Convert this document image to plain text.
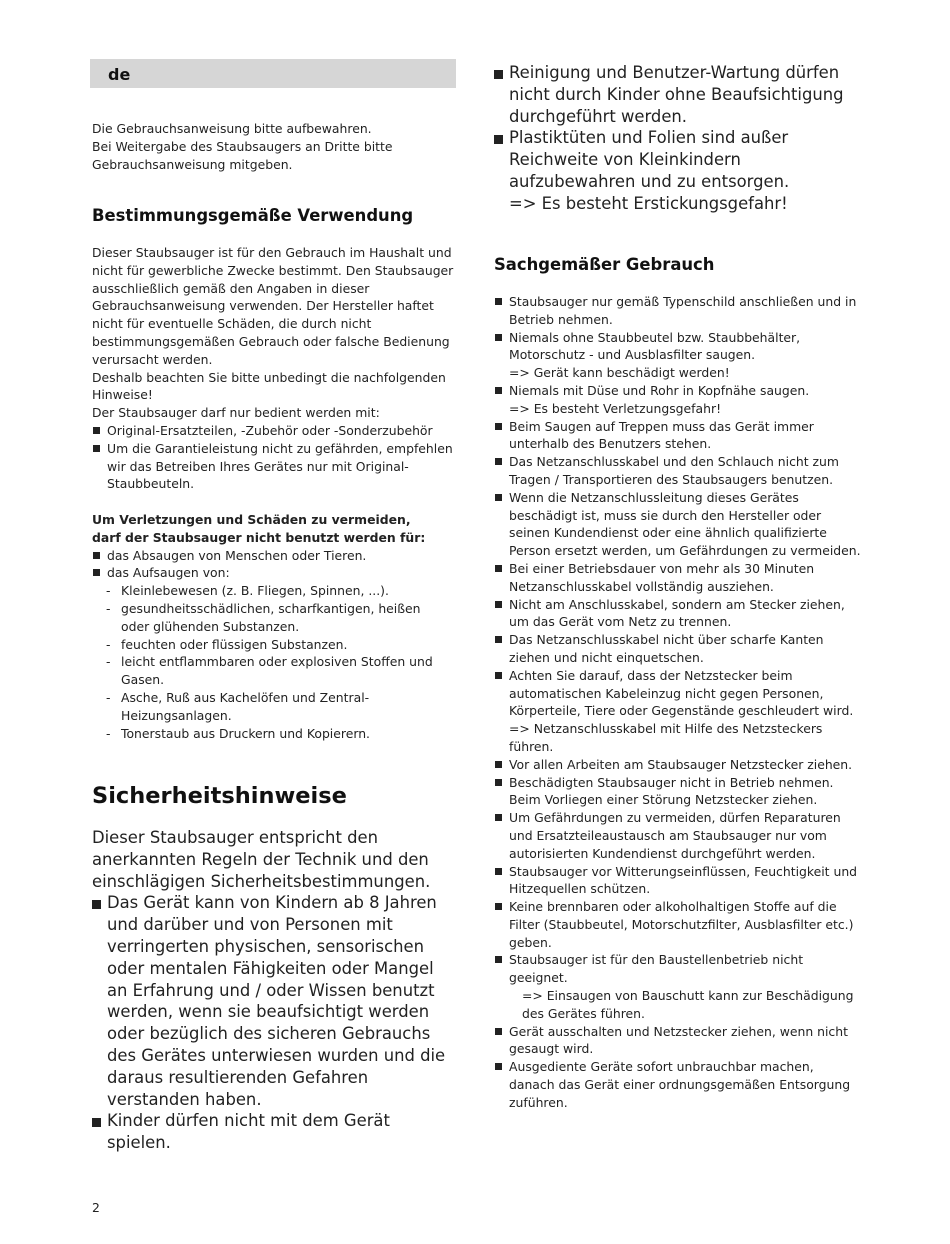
de

Die Gebrauchsanweisung bitte aufbewahren.

Bei Weitergabe des Staubsaugers an Dritte bitte Gebrauchsanweisung mitgeben.

Bestimmungsgemäße Verwendung

Dieser Staubsauger ist für den Gebrauch im Haushalt und nicht für gewerbliche Zwecke bestimmt. Den Staubsauger ausschließlich gemäß den Angaben in dieser Gebrauchsanweisung verwenden. Der Hersteller haftet nicht für eventuelle Schäden, die durch nicht bestimmungsgemäßen Gebrauch oder falsche Bedienung verursacht werden.

Deshalb beachten Sie bitte unbedingt die nachfolgenden Hinweise!

Der Staubsauger darf nur bedient werden mit:

Original-Ersatzteilen, -Zubehör oder -Sonderzubehör
Um die Garantieleistung nicht zu gefährden, empfehlen wir das Betreiben Ihres Gerätes nur mit Original-Staubbeuteln.

Um Verletzungen und Schäden zu vermeiden, darf der Staubsauger nicht benutzt werden für:

das Absaugen von Menschen oder Tieren.
das Aufsaugen von:
- Kleinlebewesen (z. B. Fliegen, Spinnen, ...).
- gesundheitsschädlichen, scharfkantigen, heißen oder glühenden Substanzen.
- feuchten oder flüssigen Substanzen.
- leicht entflammbaren oder explosiven Stoffen und Gasen.
- Asche, Ruß aus Kachelöfen und Zentral-Heizungsanlagen.
- Tonerstaub aus Druckern und Kopierern.
Sicherheitshinweise

Dieser Staubsauger entspricht den anerkannten Regeln der Technik und den einschlägigen Sicherheitsbestimmungen.

Das Gerät kann von Kindern ab 8 Jahren und darüber und von Personen mit verringerten physischen, sensorischen oder mentalen Fähigkeiten oder Mangel an Erfahrung und / oder Wissen benutzt werden, wenn sie beaufsichtigt werden oder bezüglich des sicheren Gebrauchs des Gerätes unterwiesen wurden und die daraus resultierenden Gefahren verstanden haben.
Kinder dürfen nicht mit dem Gerät spielen.
2
Reinigung und Benutzer-Wartung dürfen nicht durch Kinder ohne Beaufsichtigung durchgeführt werden.
Plastiktüten und Folien sind außer Reichweite von Kleinkindern aufzubewahren und zu entsorgen.
=> Es besteht Erstickungsgefahr!
Sachgemäßer Gebrauch
Staubsauger nur gemäß Typenschild anschließen und in Betrieb nehmen.
Niemals ohne Staubbeutel bzw. Staubbehälter, Motorschutz - und Ausblasfilter saugen.
=> Gerät kann beschädigt werden!
Niemals mit Düse und Rohr in Kopfnähe saugen.
=> Es besteht Verletzungsgefahr!
Beim Saugen auf Treppen muss das Gerät immer unterhalb des Benutzers stehen.
Das Netzanschlusskabel und den Schlauch nicht zum Tragen / Transportieren des Staubsaugers benutzen.
Wenn die Netzanschlussleitung dieses Gerätes beschädigt ist, muss sie durch den Hersteller oder seinen Kundendienst oder eine ähnlich qualifizierte Person ersetzt werden, um Gefährdungen zu vermeiden.
Bei einer Betriebsdauer von mehr als 30 Minuten Netzanschlusskabel vollständig ausziehen.
Nicht am Anschlusskabel, sondern am Stecker ziehen, um das Gerät vom Netz zu trennen.
Das Netzanschlusskabel nicht über scharfe Kanten ziehen und nicht einquetschen.
Achten Sie darauf, dass der Netzstecker beim automatischen Kabeleinzug nicht gegen Personen, Körperteile, Tiere oder Gegenstände geschleudert wird.
=> Netzanschlusskabel mit Hilfe des Netzsteckers führen.
Vor allen Arbeiten am Staubsauger Netzstecker ziehen.
Beschädigten Staubsauger nicht in Betrieb nehmen. Beim Vorliegen einer Störung Netzstecker ziehen.
Um Gefährdungen zu vermeiden, dürfen Reparaturen und Ersatzteileaustausch am Staubsauger nur vom autorisierten Kundendienst durchgeführt werden.
Staubsauger vor Witterungseinflüssen, Feuchtigkeit und Hitzequellen schützen.
Keine brennbaren oder alkoholhaltigen Stoffe auf die Filter (Staubbeutel, Motorschutzfilter, Ausblasfilter etc.) geben.
Staubsauger ist für den Baustellenbetrieb nicht geeignet.
=> Einsaugen von Bauschutt kann zur Beschädigung des Gerätes führen.
Gerät ausschalten und Netzstecker ziehen, wenn nicht gesaugt wird.
Ausgediente Geräte sofort unbrauchbar machen, danach das Gerät einer ordnungsgemäßen Entsorgung zuführen.
